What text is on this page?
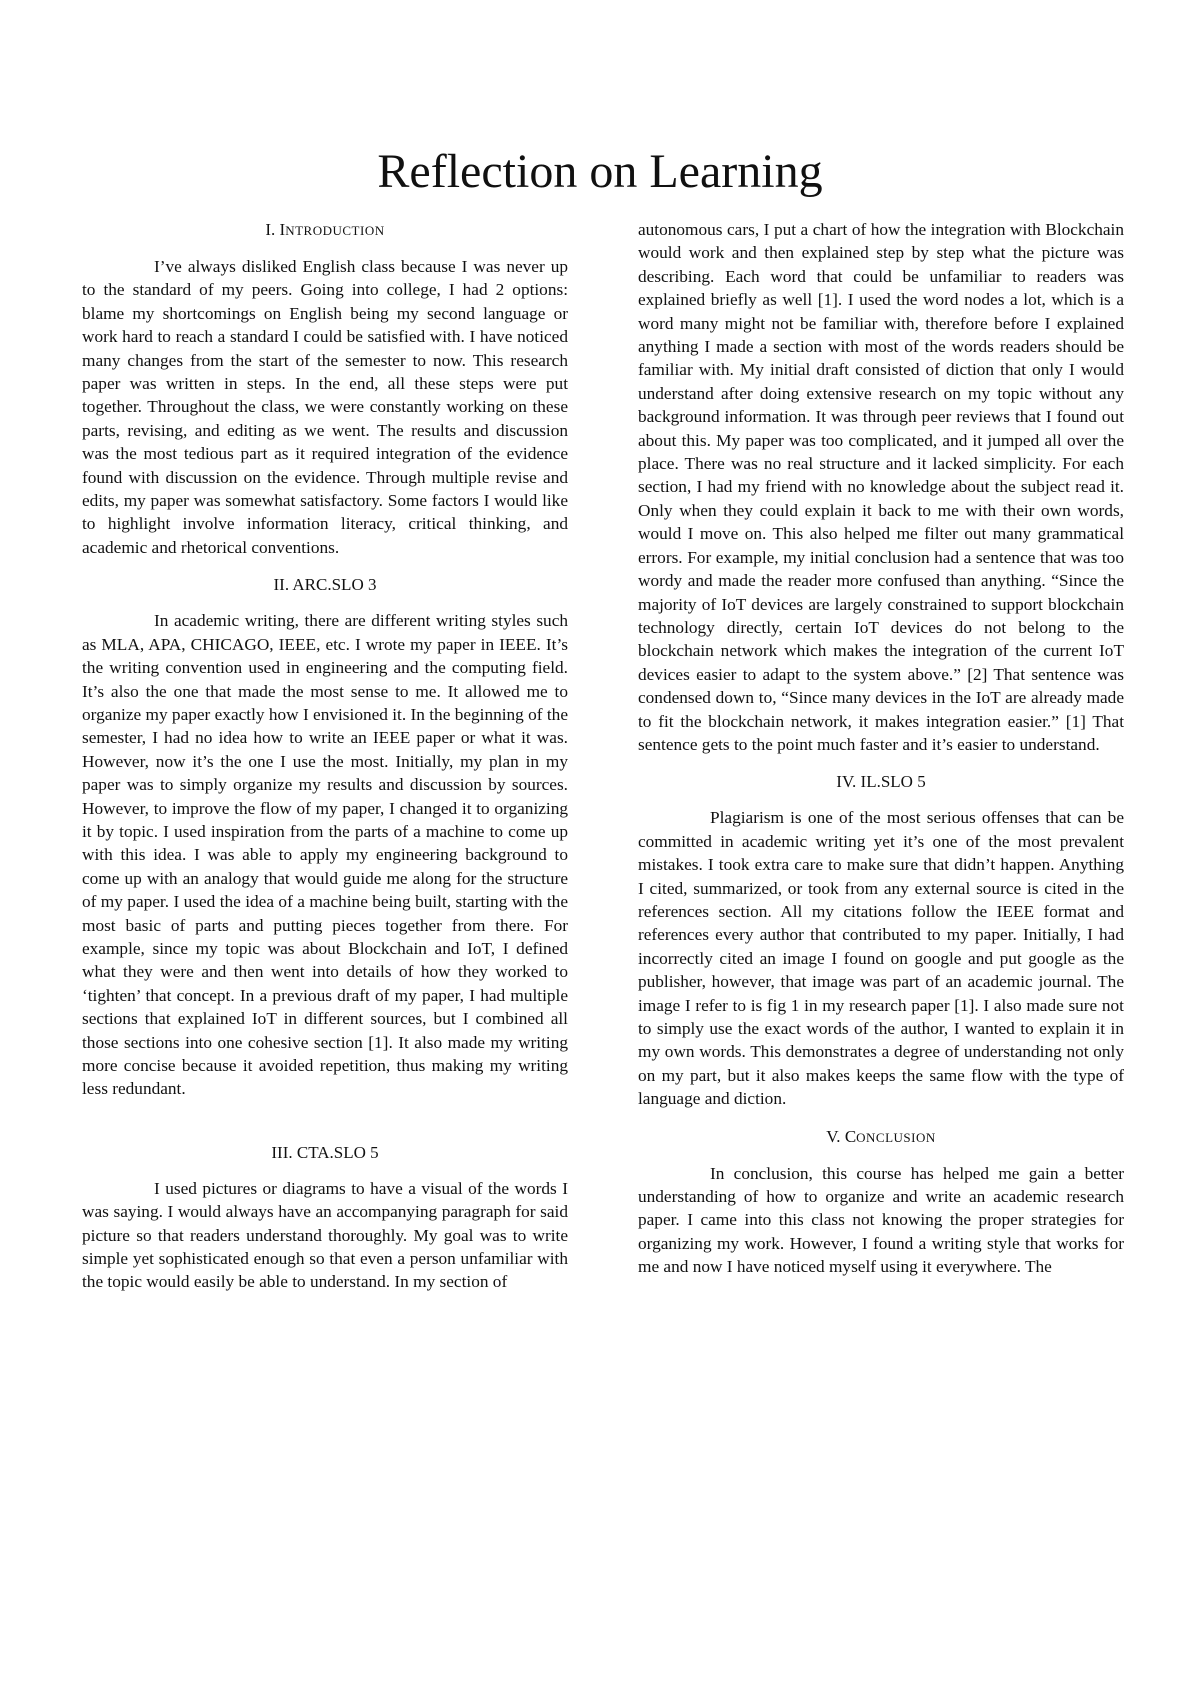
Reflection on Learning
I. INTRODUCTION

I’ve always disliked English class because I was never up to the standard of my peers. Going into college, I had 2 options: blame my shortcomings on English being my second language or work hard to reach a standard I could be satisfied with. I have noticed many changes from the start of the semester to now. This research paper was written in steps. In the end, all these steps were put together. Throughout the class, we were constantly working on these parts, revising, and editing as we went. The results and discussion was the most tedious part as it required integration of the evidence found with discussion on the evidence. Through multiple revise and edits, my paper was somewhat satisfactory. Some factors I would like to highlight involve information literacy, critical thinking, and academic and rhetorical conventions.

II. ARC.SLO 3

In academic writing, there are different writing styles such as MLA, APA, CHICAGO, IEEE, etc. I wrote my paper in IEEE. It’s the writing convention used in engineering and the computing field. It’s also the one that made the most sense to me. It allowed me to organize my paper exactly how I envisioned it. In the beginning of the semester, I had no idea how to write an IEEE paper or what it was. However, now it’s the one I use the most. Initially, my plan in my paper was to simply organize my results and discussion by sources. However, to improve the flow of my paper, I changed it to organizing it by topic. I used inspiration from the parts of a machine to come up with this idea. I was able to apply my engineering background to come up with an analogy that would guide me along for the structure of my paper. I used the idea of a machine being built, starting with the most basic of parts and putting pieces together from there. For example, since my topic was about Blockchain and IoT, I defined what they were and then went into details of how they worked to ‘tighten’ that concept. In a previous draft of my paper, I had multiple sections that explained IoT in different sources, but I combined all those sections into one cohesive section [1]. It also made my writing more concise because it avoided repetition, thus making my writing less redundant.

III. CTA.SLO 5

I used pictures or diagrams to have a visual of the words I was saying. I would always have an accompanying paragraph for said picture so that readers understand thoroughly. My goal was to write simple yet sophisticated enough so that even a person unfamiliar with the topic would easily be able to understand. In my section of

autonomous cars, I put a chart of how the integration with Blockchain would work and then explained step by step what the picture was describing. Each word that could be unfamiliar to readers was explained briefly as well [1]. I used the word nodes a lot, which is a word many might not be familiar with, therefore before I explained anything I made a section with most of the words readers should be familiar with. My initial draft consisted of diction that only I would understand after doing extensive research on my topic without any background information. It was through peer reviews that I found out about this. My paper was too complicated, and it jumped all over the place. There was no real structure and it lacked simplicity. For each section, I had my friend with no knowledge about the subject read it. Only when they could explain it back to me with their own words, would I move on. This also helped me filter out many grammatical errors. For example, my initial conclusion had a sentence that was too wordy and made the reader more confused than anything. “Since the majority of IoT devices are largely constrained to support blockchain technology directly, certain IoT devices do not belong to the blockchain network which makes the integration of the current IoT devices easier to adapt to the system above.” [2] That sentence was condensed down to, “Since many devices in the IoT are already made to fit the blockchain network, it makes integration easier.” [1] That sentence gets to the point much faster and it’s easier to understand.

IV. IL.SLO 5

Plagiarism is one of the most serious offenses that can be committed in academic writing yet it’s one of the most prevalent mistakes. I took extra care to make sure that didn’t happen. Anything I cited, summarized, or took from any external source is cited in the references section. All my citations follow the IEEE format and references every author that contributed to my paper. Initially, I had incorrectly cited an image I found on google and put google as the publisher, however, that image was part of an academic journal. The image I refer to is fig 1 in my research paper [1]. I also made sure not to simply use the exact words of the author, I wanted to explain it in my own words. This demonstrates a degree of understanding not only on my part, but it also makes keeps the same flow with the type of language and diction.

V. CONCLUSION

In conclusion, this course has helped me gain a better understanding of how to organize and write an academic research paper. I came into this class not knowing the proper strategies for organizing my work. However, I found a writing style that works for me and now I have noticed myself using it everywhere. The
